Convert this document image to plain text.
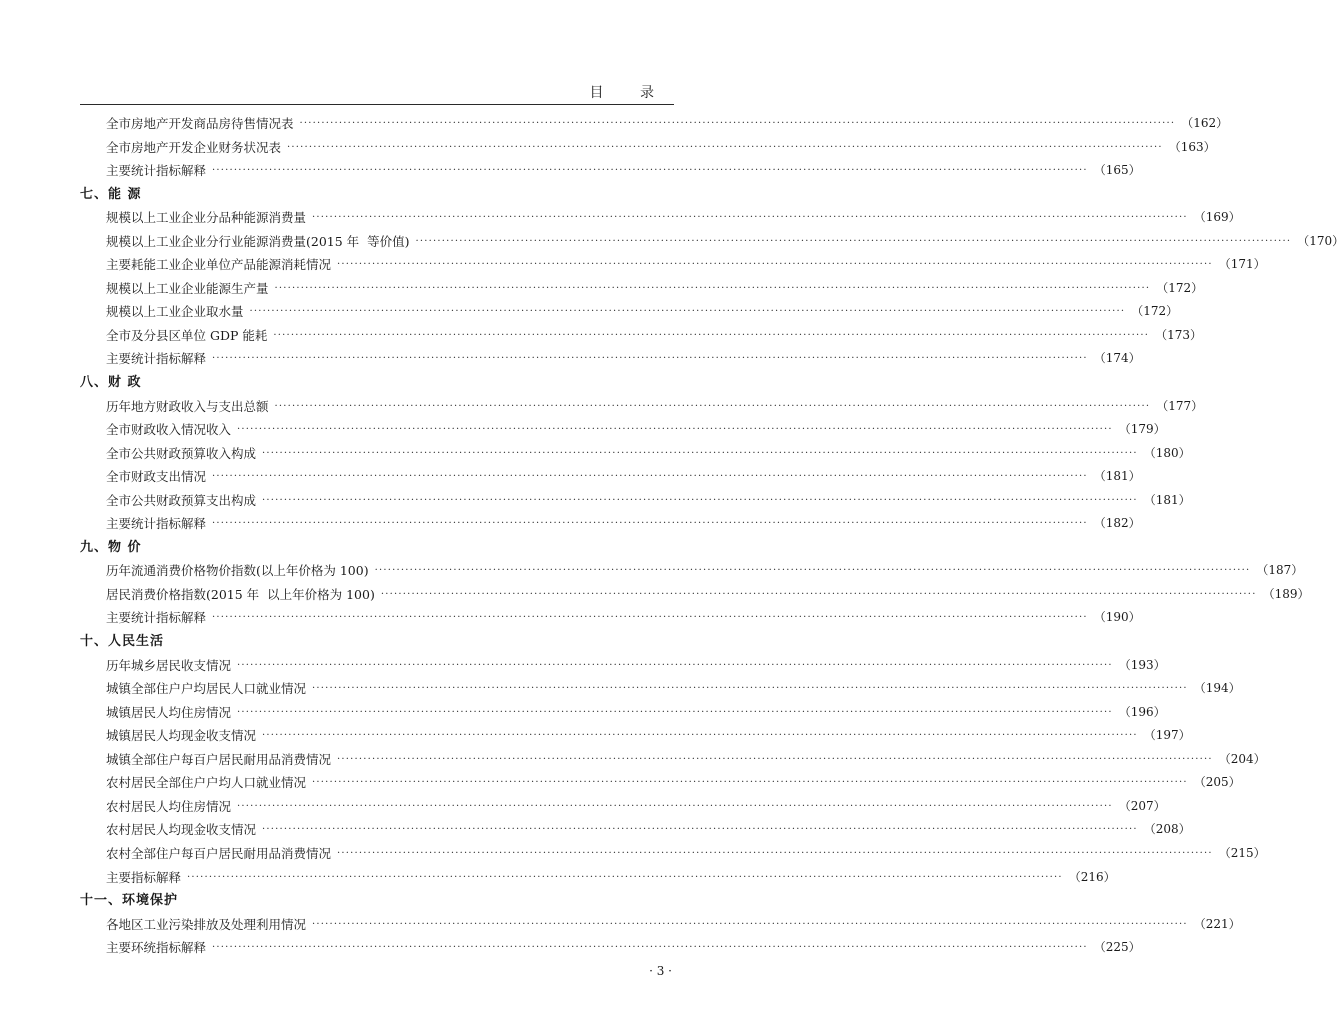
目 录
全市房地产开发商品房待售情况表 ········································································································································································································ （162）
全市房地产开发企业财务状况表 ········································································································································································································ （163）
主要统计指标解释 ········································································································································································································ （165）
七、能 源
规模以上工业企业分品种能源消费量 ········································································································································································································ （169）
规模以上工业企业分行业能源消费量(2015 年  等价值) ········································································································································································································ （170）
主要耗能工业企业单位产品能源消耗情况 ········································································································································································································ （171）
规模以上工业企业能源生产量 ········································································································································································································ （172）
规模以上工业企业取水量 ········································································································································································································ （172）
全市及分县区单位 GDP 能耗 ········································································································································································································ （173）
主要统计指标解释 ········································································································································································································ （174）
八、财 政
历年地方财政收入与支出总额 ········································································································································································································ （177）
全市财政收入情况收入 ········································································································································································································ （179）
全市公共财政预算收入构成 ········································································································································································································ （180）
全市财政支出情况 ········································································································································································································ （181）
全市公共财政预算支出构成 ········································································································································································································ （181）
主要统计指标解释 ········································································································································································································ （182）
九、物 价
历年流通消费价格物价指数(以上年价格为 100) ········································································································································································································ （187）
居民消费价格指数(2015 年  以上年价格为 100) ········································································································································································································ （189）
主要统计指标解释 ········································································································································································································ （190）
十、人民生活
历年城乡居民收支情况 ········································································································································································································ （193）
城镇全部住户户均居民人口就业情况 ········································································································································································································ （194）
城镇居民人均住房情况 ········································································································································································································ （196）
城镇居民人均现金收支情况 ········································································································································································································ （197）
城镇全部住户每百户居民耐用品消费情况 ········································································································································································································ （204）
农村居民全部住户户均人口就业情况 ········································································································································································································ （205）
农村居民人均住房情况 ········································································································································································································ （207）
农村居民人均现金收支情况 ········································································································································································································ （208）
农村全部住户每百户居民耐用品消费情况 ········································································································································································································ （215）
主要指标解释 ········································································································································································································ （216）
十一、环境保护
各地区工业污染排放及处理利用情况 ········································································································································································································ （221）
主要环统指标解释 ········································································································································································································ （225）
· 3 ·
